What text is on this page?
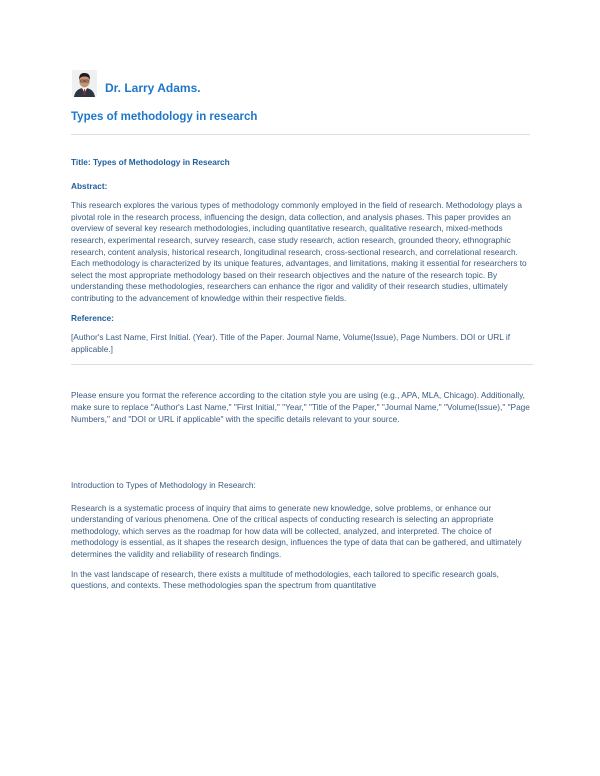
Dr. Larry Adams.
Types of methodology in research

Title: Types of Methodology in Research

Abstract:

This research explores the various types of methodology commonly employed in the field of research. Methodology plays a pivotal role in the research process, influencing the design, data collection, and analysis phases. This paper provides an overview of several key research methodologies, including quantitative research, qualitative research, mixed-methods research, experimental research, survey research, case study research, action research, grounded theory, ethnographic research, content analysis, historical research, longitudinal research, cross-sectional research, and correlational research. Each methodology is characterized by its unique features, advantages, and limitations, making it essential for researchers to select the most appropriate methodology based on their research objectives and the nature of the research topic. By understanding these methodologies, researchers can enhance the rigor and validity of their research studies, ultimately contributing to the advancement of knowledge within their respective fields.

Reference:

[Author's Last Name, First Initial. (Year). Title of the Paper. Journal Name, Volume(Issue), Page Numbers. DOI or URL if applicable.]

Please ensure you format the reference according to the citation style you are using (e.g., APA, MLA, Chicago). Additionally, make sure to replace "Author's Last Name," "First Initial," "Year," "Title of the Paper," "Journal Name," "Volume(Issue)," "Page Numbers," and "DOI or URL if applicable" with the specific details relevant to your source.

Introduction to Types of Methodology in Research:

Research is a systematic process of inquiry that aims to generate new knowledge, solve problems, or enhance our understanding of various phenomena. One of the critical aspects of conducting research is selecting an appropriate methodology, which serves as the roadmap for how data will be collected, analyzed, and interpreted. The choice of methodology is essential, as it shapes the research design, influences the type of data that can be gathered, and ultimately determines the validity and reliability of research findings.

In the vast landscape of research, there exists a multitude of methodologies, each tailored to specific research goals, questions, and contexts. These methodologies span the spectrum from quantitative
